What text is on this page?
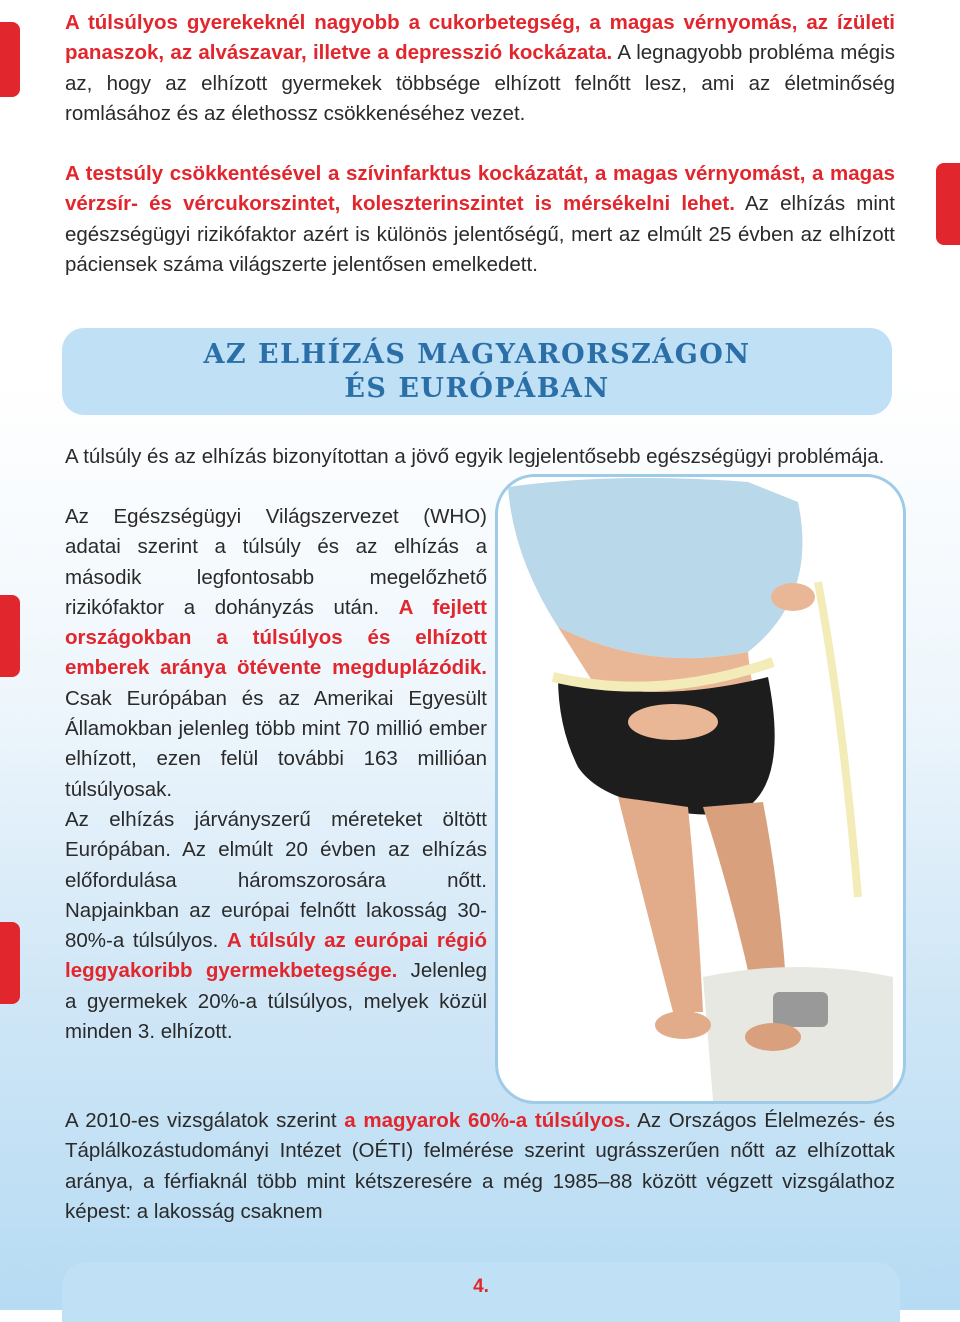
A túlsúlyos gyerekeknél nagyobb a cukorbetegség, a magas vérnyomás, az ízületi panaszok, az alvászavar, illetve a depresszió kockázata. A legnagyobb probléma mégis az, hogy az elhízott gyermekek többsége elhízott felnőtt lesz, ami az életminőség romlásához és az élethossz csökkenéséhez vezet.
A testsúly csökkentésével a szívinfarktus kockázatát, a magas vérnyomást, a magas vérzsír- és vércukorszintet, koleszterinszintet is mérsékelni lehet. Az elhízás mint egészségügyi rizikófaktor azért is különös jelentőségű, mert az elmúlt 25 évben az elhízott páciensek száma világszerte jelentősen emelkedett.
AZ ELHÍZÁS MAGYARORSZÁGON
ÉS EURÓPÁBAN
A túlsúly és az elhízás bizonyítottan a jövő egyik legjelentősebb egészségügyi problémája.
Az Egészségügyi Világszervezet (WHO) adatai szerint a túlsúly és az elhízás a második legfontosabb megelőzhető rizikófaktor a dohányzás után. A fejlett országokban a túlsúlyos és elhízott emberek aránya ötévente megduplázódik. Csak Európában és az Amerikai Egyesült Államokban jelenleg több mint 70 millió ember elhízott, ezen felül további 163 millióan túlsúlyosak.
Az elhízás járványszerű méreteket öltött Európában. Az elmúlt 20 évben az elhízás előfordulása háromszorosára nőtt. Napjainkban az európai felnőtt lakosság 30-80%-a túlsúlyos. A túlsúly az európai régió leggyakoribb gyermekbetegsége. Jelenleg a gyermekek 20%-a túlsúlyos, melyek közül minden 3. elhízott.
A 2010-es vizsgálatok szerint a magyarok 60%-a túlsúlyos. Az Országos Élelmezés- és Táplálkozástudományi Intézet (OÉTI) felmérése szerint ugrásszerűen nőtt az elhízottak aránya, a férfiaknál több mint kétszeresére a még 1985–88 között végzett vizsgálathoz képest: a lakosság csaknem
4.
